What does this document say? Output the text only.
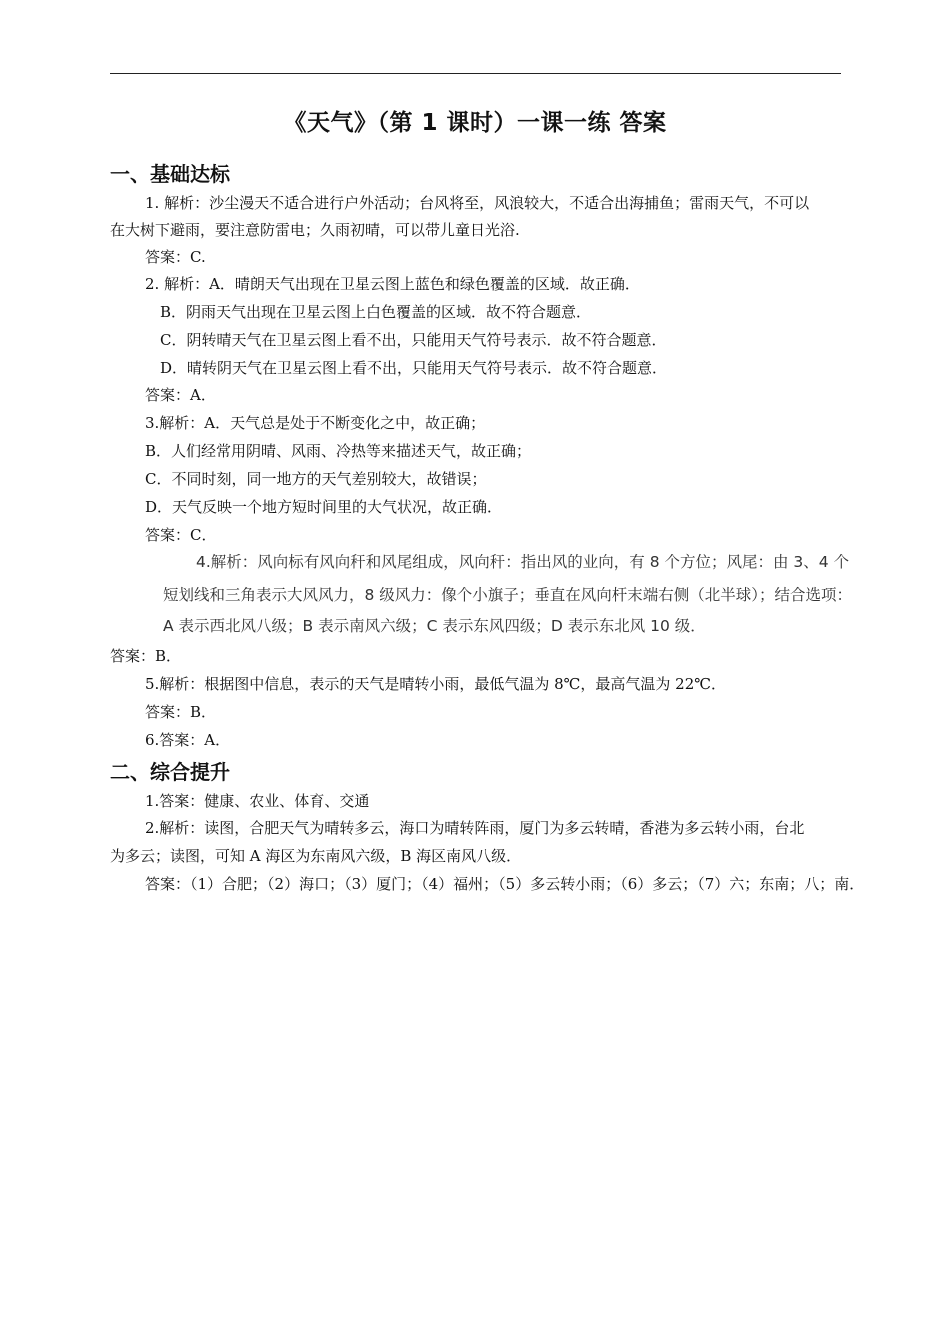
《天气》（第 1 课时）一课一练 答案
一、基础达标
1. 解析：沙尘漫天不适合进行户外活动；台风将至，风浪较大，不适合出海捕鱼；雷雨天气，不可以
在大树下避雨，要注意防雷电；久雨初晴，可以带儿童日光浴.
答案：C.
2. 解析：A．晴朗天气出现在卫星云图上蓝色和绿色覆盖的区域．故正确．
B．阴雨天气出现在卫星云图上白色覆盖的区域．故不符合题意．
C．阴转晴天气在卫星云图上看不出，只能用天气符号表示．故不符合题意．
D．晴转阴天气在卫星云图上看不出，只能用天气符号表示．故不符合题意．
答案：A．
3.解析：A．天气总是处于不断变化之中，故正确；
B．人们经常用阴晴、风雨、冷热等来描述天气，故正确；
C．不同时刻，同一地方的天气差别较大，故错误；
D．天气反映一个地方短时间里的大气状况，故正确．
答案：C．
4.解析：风向标有风向秆和风尾组成，风向秆：指出风的业向，有 8 个方位；风尾：由 3、4 个
短划线和三角表示大风风力，8 级风力：像个小旗子；垂直在风向杆末端右侧（北半球）；结合选项：
A 表示西北风八级；B 表示南风六级；C 表示东风四级；D 表示东北风 10 级．
答案：B．
5.解析：根据图中信息，表示的天气是晴转小雨，最低气温为 8℃，最高气温为 22℃．
答案：B．
6.答案：A．
二、综合提升
1.答案：健康、农业、体育、交通
2.解析：读图，合肥天气为晴转多云，海口为晴转阵雨，厦门为多云转晴，香港为多云转小雨，台北
为多云；读图，可知 A 海区为东南风六级，B 海区南风八级．
答案：（1）合肥；（2）海口；（3）厦门；（4）福州；（5）多云转小雨；（6）多云；（7）六；东南；八；南．
